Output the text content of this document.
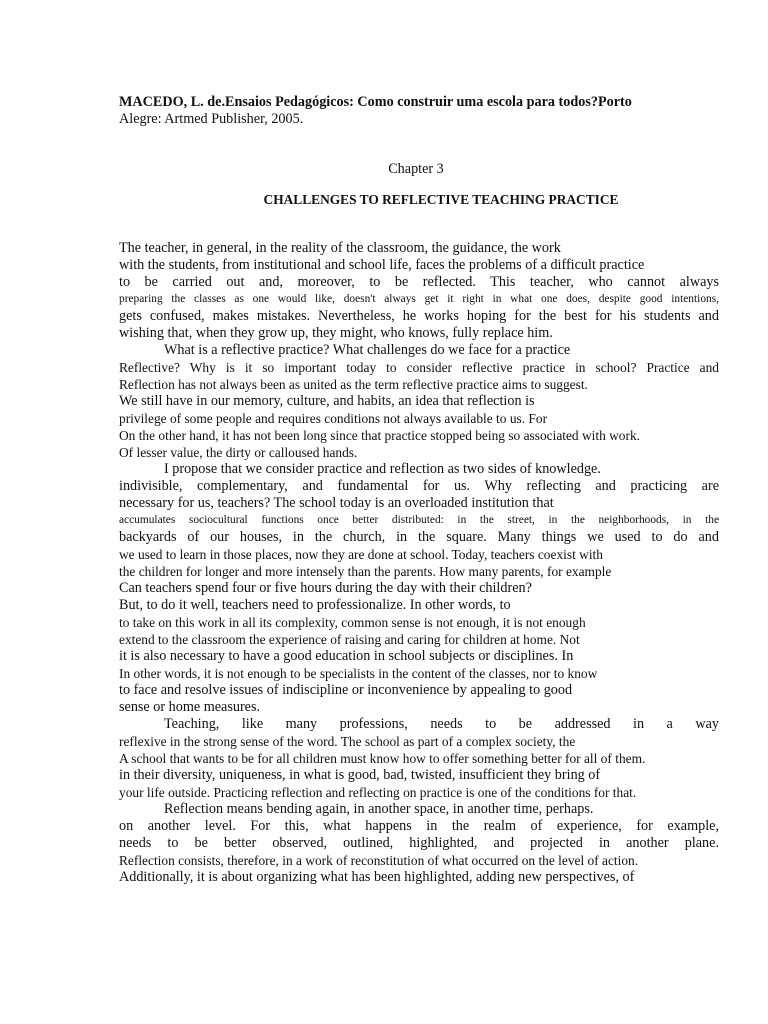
MACEDO, L. de.Ensaios Pedagógicos: Como construir uma escola para todos?Porto
Alegre: Artmed Publisher, 2005.
Chapter 3
CHALLENGES TO REFLECTIVE TEACHING PRACTICE
The teacher, in general, in the reality of the classroom, the guidance, the work
with the students, from institutional and school life, faces the problems of a difficult practice
to be carried out and, moreover, to be reflected. This teacher, who cannot always
preparing the classes as one would like, doesn't always get it right in what one does, despite good intentions,
gets confused, makes mistakes. Nevertheless, he works hoping for the best for his students and
wishing that, when they grow up, they might, who knows, fully replace him.
What is a reflective practice? What challenges do we face for a practice
Reflective? Why is it so important today to consider reflective practice in school? Practice and
Reflection has not always been as united as the term reflective practice aims to suggest.
We still have in our memory, culture, and habits, an idea that reflection is
privilege of some people and requires conditions not always available to us. For
On the other hand, it has not been long since that practice stopped being so associated with work.
Of lesser value, the dirty or calloused hands.
I propose that we consider practice and reflection as two sides of knowledge.
indivisible, complementary, and fundamental for us. Why reflecting and practicing are
necessary for us, teachers? The school today is an overloaded institution that
accumulates sociocultural functions once better distributed: in the street, in the neighborhoods, in the
backyards of our houses, in the church, in the square. Many things we used to do and
we used to learn in those places, now they are done at school. Today, teachers coexist with
the children for longer and more intensely than the parents. How many parents, for example
Can teachers spend four or five hours during the day with their children?
But, to do it well, teachers need to professionalize. In other words, to
to take on this work in all its complexity, common sense is not enough, it is not enough
extend to the classroom the experience of raising and caring for children at home. Not
it is also necessary to have a good education in school subjects or disciplines. In
In other words, it is not enough to be specialists in the content of the classes, nor to know
to face and resolve issues of indiscipline or inconvenience by appealing to good
sense or home measures.
Teaching, like many professions, needs to be addressed in a way
reflexive in the strong sense of the word. The school as part of a complex society, the
A school that wants to be for all children must know how to offer something better for all of them.
in their diversity, uniqueness, in what is good, bad, twisted, insufficient they bring of
your life outside. Practicing reflection and reflecting on practice is one of the conditions for that.
Reflection means bending again, in another space, in another time, perhaps.
on another level. For this, what happens in the realm of experience, for example,
needs to be better observed, outlined, highlighted, and projected in another plane.
Reflection consists, therefore, in a work of reconstitution of what occurred on the level of action.
Additionally, it is about organizing what has been highlighted, adding new perspectives, of
